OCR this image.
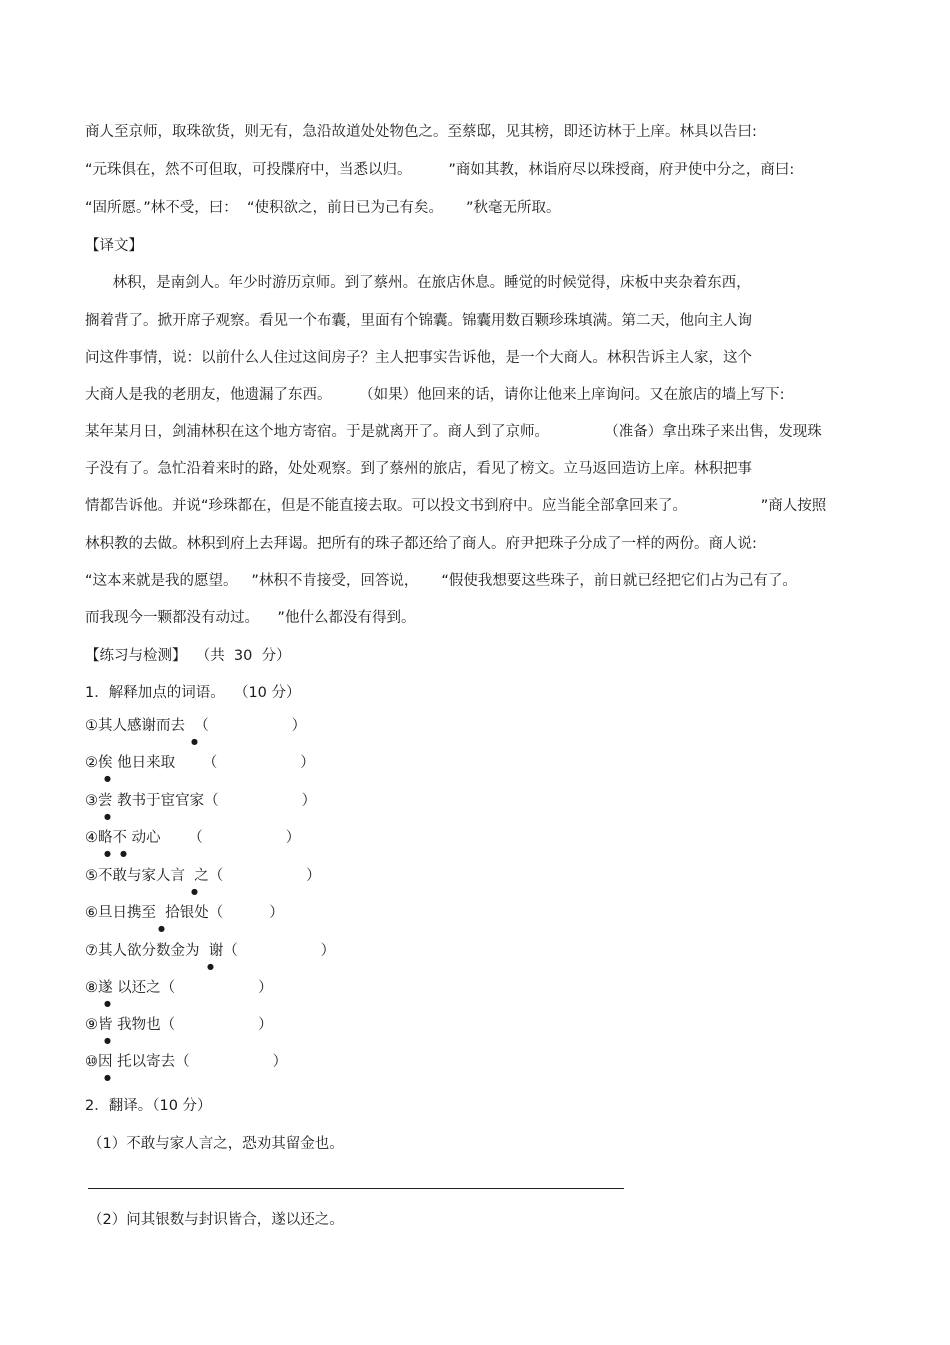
商人至京师，取珠欲货，则无有，急沿故道处处物色之。至蔡邸，见其榜，即还访林于上庠。林具以告曰:
“元珠俱在，然不可但取，可投牒府中，当悉以归。        ”商如其教，林诣府尽以珠授商，府尹使中分之，商曰:
“固所愿。”林不受，曰：  “使积欲之，前日已为己有矣。     ”秋毫无所取。
【译文】
林积，是南剑人。年少时游历京师。到了蔡州。在旅店休息。睡觉的时候觉得，床板中夹杂着东西，
搁着背了。掀开席子观察。看见一个布囊，里面有个锦囊。锦囊用数百颗珍珠填满。第二天，他向主人询
问这件事情，说：以前什么人住过这间房子？主人把事实告诉他，是一个大商人。林积告诉主人家，这个
大商人是我的老朋友，他遗漏了东西。      （如果）他回来的话，请你让他来上庠询问。又在旅店的墙上写下:
某年某月日，剑浦林积在这个地方寄宿。于是就离开了。商人到了京师。            （准备）拿出珠子来出售，发现珠
子没有了。急忙沿着来时的路，处处观察。到了蔡州的旅店，看见了榜文。立马返回造访上庠。林积把事
情都告诉他。并说“珍珠都在，但是不能直接去取。可以投文书到府中。应当能全部拿回来了。                ”商人按照
林积教的去做。林积到府上去拜谒。把所有的珠子都还给了商人。府尹把珠子分成了一样的两份。商人说:
“这本来就是我的愿望。   ”林积不肯接受，回答说，     “假使我想要这些珠子，前日就已经把它们占为己有了。
而我现今一颗都没有动过。    ”他什么都没有得到。
【练习与检测】  （共  30  分）
1．解释加点的词语。  （10 分）
①其人感谢而去  （                  ）
②俟 他日来取      （                  ）
③尝 教书于宦官家（                  ）
④略不 动心      （                  ）
⑤不敢与家人言  之（                  ）
⑥旦日携至  拾银处（          ）
⑦其人欲分数金为  谢（                  ）
⑧遂 以还之（                  ）
⑨皆 我物也（                  ）
⑩因 托以寄去（                  ）
●
●
●
● ●
●
●
●
●
●
●
2．翻译。（10 分）
（1）不敢与家人言之，恐劝其留金也。
（2）问其银数与封识皆合，遂以还之。
